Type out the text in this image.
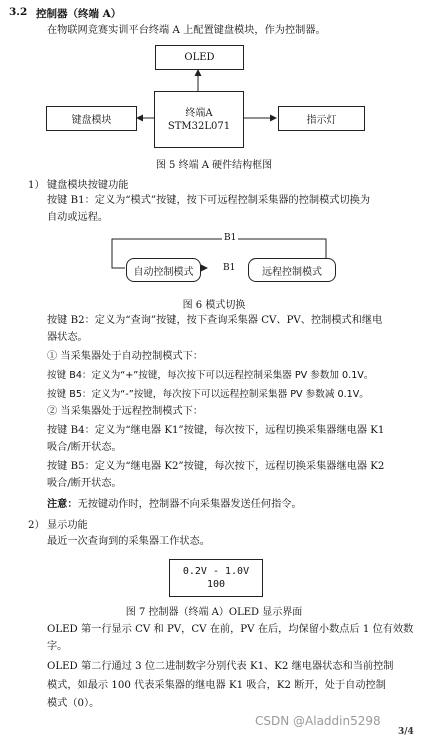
3.2 控制器（终端 A）
在物联网竞赛实训平台终端 A 上配置键盘模块，作为控制器。
OLED
键盘模块
终端A
STM32L071	指示灯
图 5 终端 A 硬件结构框图
1） 键盘模块按键功能
按键 B1：定义为“模式”按键，按下可远程控制采集器的控制模式切换为
自动或远程。
B1
自动控制模式	B1	远程控制模式
图 6 模式切换
按键 B2：定义为“查询”按键，按下查询采集器 CV、PV、控制模式和继电
器状态。
① 当采集器处于自动控制模式下：
按键 B4：定义为“+”按键，每次按下可以远程控制采集器 PV 参数加 0.1V。
按键 B5：定义为“-”按键，每次按下可以远程控制采集器 PV 参数减 0.1V。
② 当采集器处于远程控制模式下：
按键 B4：定义为“继电器 K1”按键，每次按下，远程切换采集器继电器 K1
吸合/断开状态。
按键 B5：定义为“继电器 K2”按键，每次按下，远程切换采集器继电器 K2
吸合/断开状态。
注意：无按键动作时，控制器不向采集器发送任何指令。
2） 显示功能
最近一次查询到的采集器工作状态。
0.2V - 1.0V
100
图 7 控制器（终端 A）OLED 显示界面
OLED 第一行显示 CV 和 PV，CV 在前，PV 在后，均保留小数点后 1 位有效数
字。
OLED 第二行通过 3 位二进制数字分别代表 K1、K2 继电器状态和当前控制
模式，如最示 100 代表采集器的继电器 K1 吸合，K2 断开，处于自动控制
模式（0）。
CSDN @Aladdin5298
3/4
